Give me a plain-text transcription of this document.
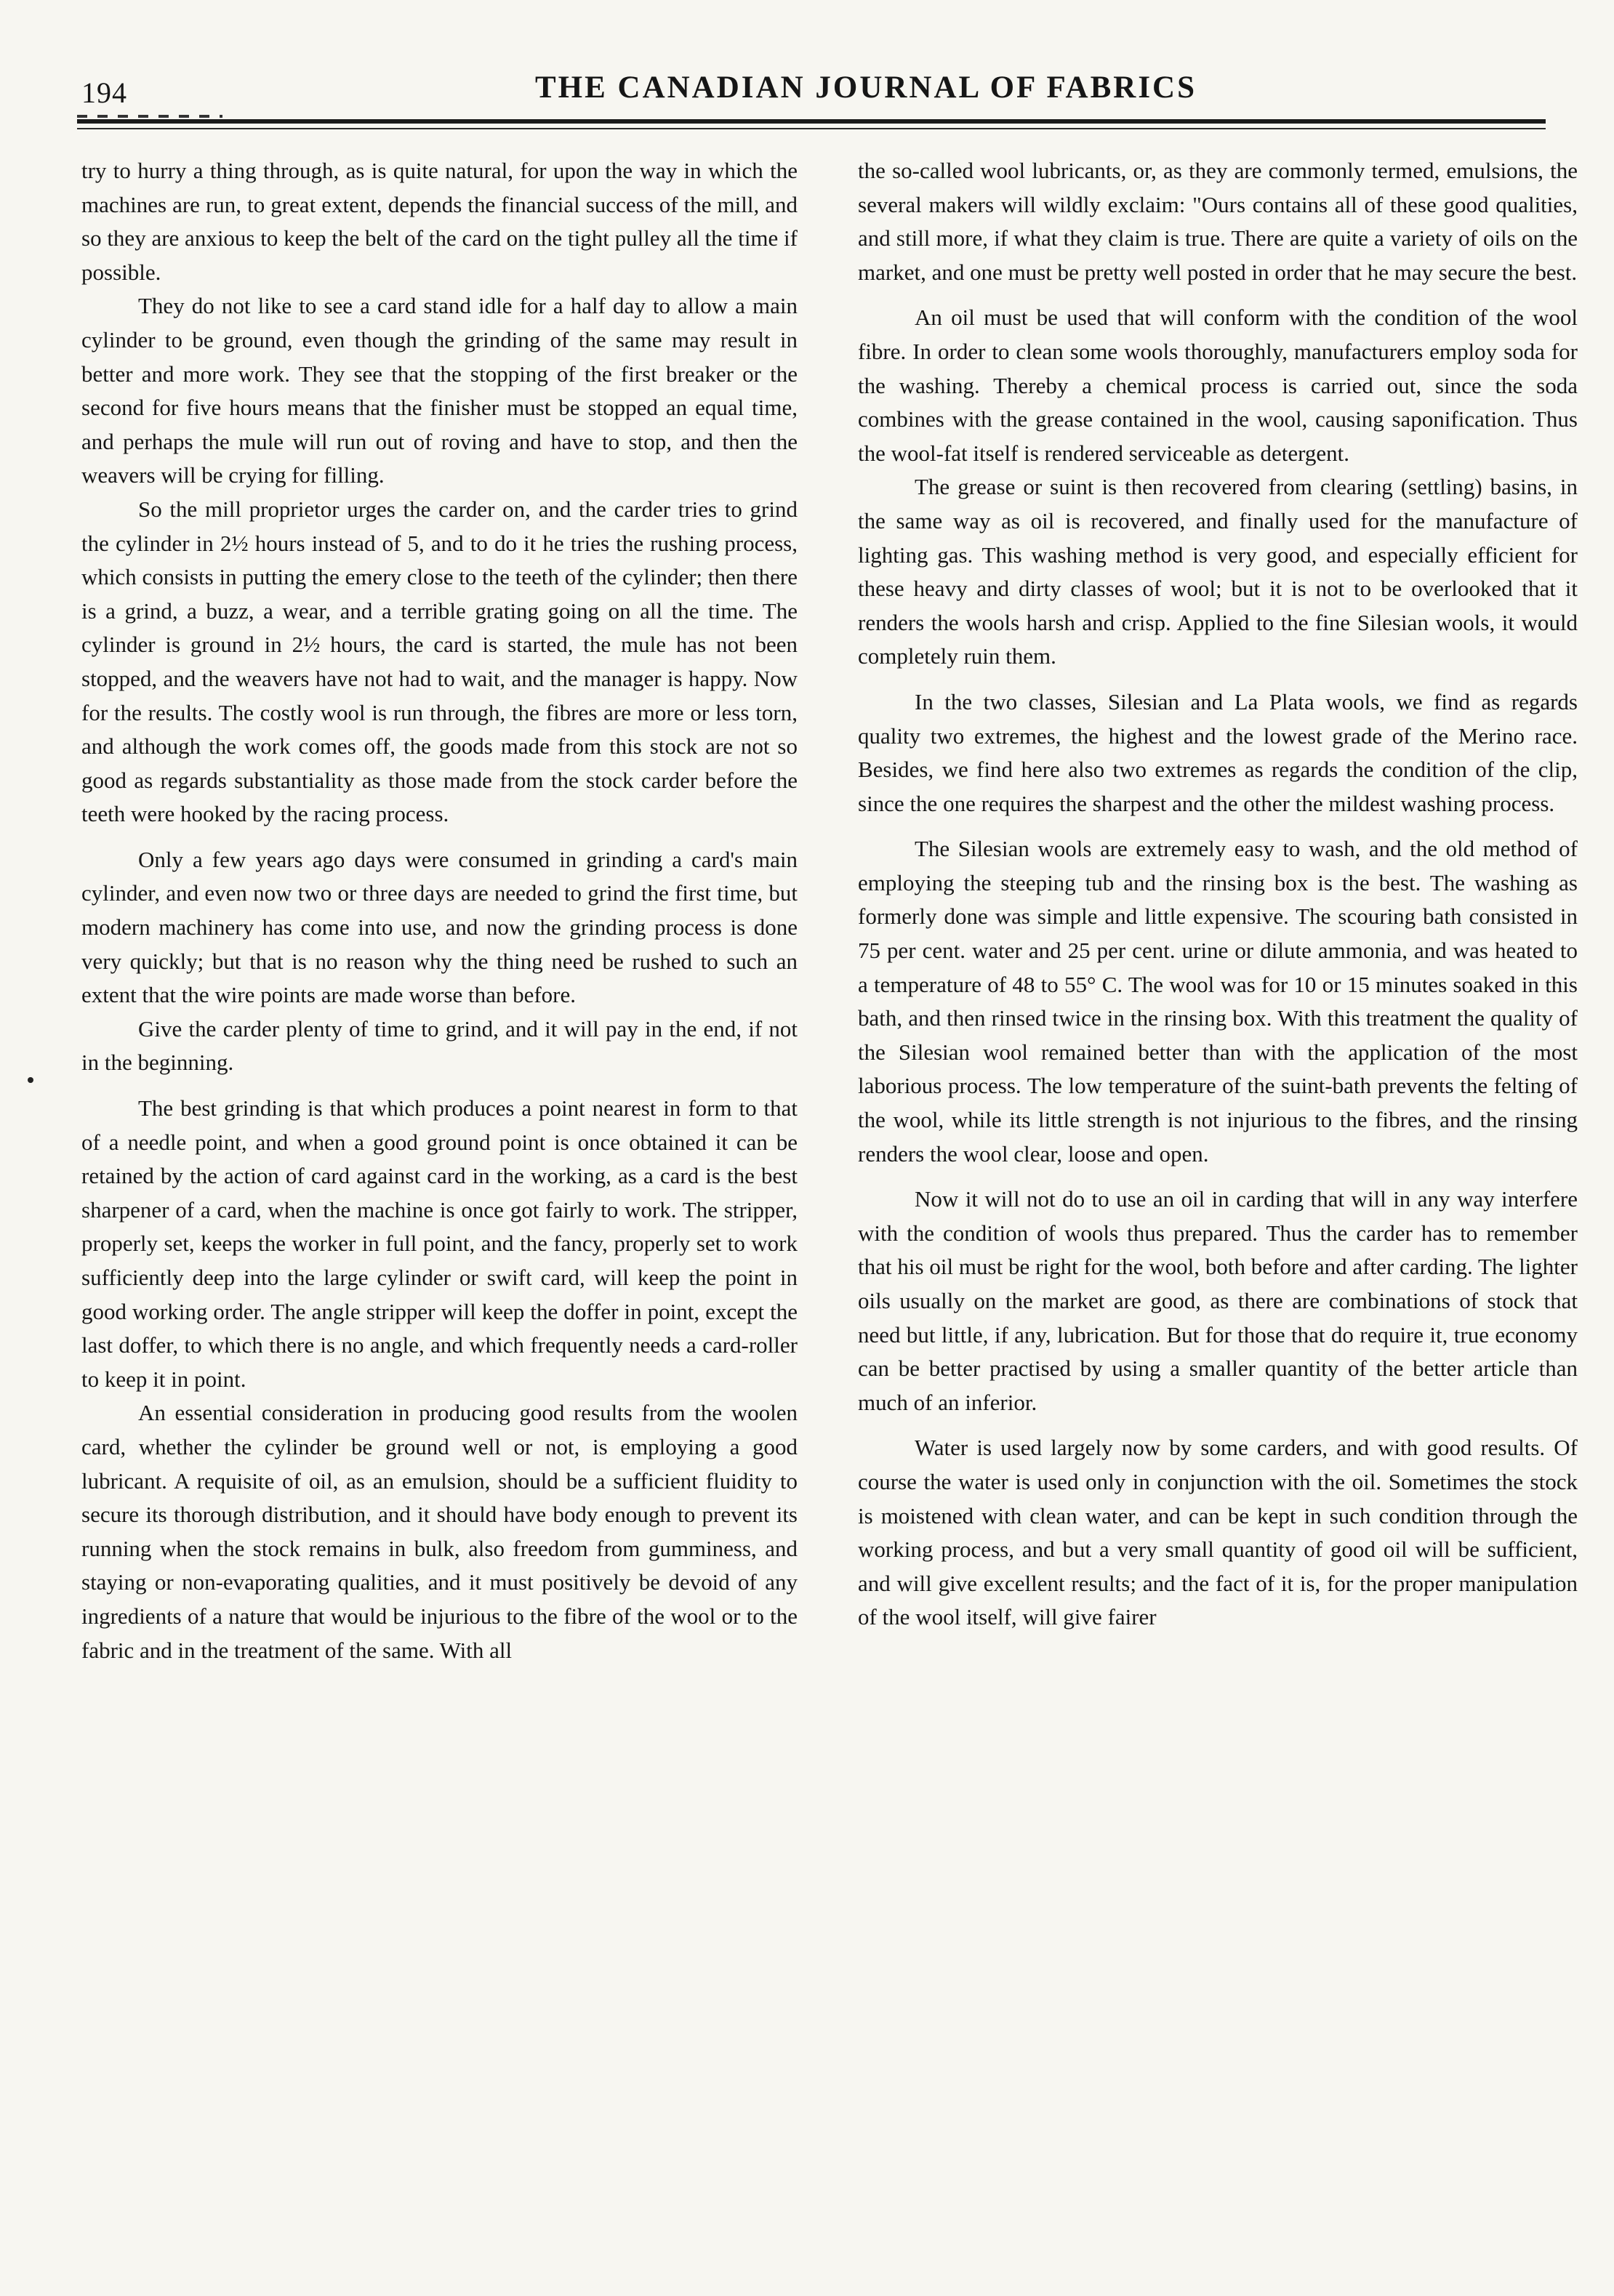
194	THE CANADIAN JOURNAL OF FABRICS

try to hurry a thing through, as is quite natural, for upon the way in which the machines are run, to great extent, depends the financial success of the mill, and so they are anxious to keep the belt of the card on the tight pulley all the time if possible.

They do not like to see a card stand idle for a half day to allow a main cylinder to be ground, even though the grinding of the same may result in better and more work. They see that the stopping of the first breaker or the second for five hours means that the finisher must be stopped an equal time, and perhaps the mule will run out of roving and have to stop, and then the weavers will be crying for filling.

So the mill proprietor urges the carder on, and the carder tries to grind the cylinder in 2½ hours instead of 5, and to do it he tries the rushing process, which consists in putting the emery close to the teeth of the cylinder; then there is a grind, a buzz, a wear, and a terrible grating going on all the time. The cylinder is ground in 2½ hours, the card is started, the mule has not been stopped, and the weavers have not had to wait, and the manager is happy. Now for the results. The costly wool is run through, the fibres are more or less torn, and although the work comes off, the goods made from this stock are not so good as regards substantiality as those made from the stock carder before the teeth were hooked by the racing process.

Only a few years ago days were consumed in grinding a card's main cylinder, and even now two or three days are needed to grind the first time, but modern machinery has come into use, and now the grinding process is done very quickly; but that is no reason why the thing need be rushed to such an extent that the wire points are made worse than before.

Give the carder plenty of time to grind, and it will pay in the end, if not in the beginning.

The best grinding is that which produces a point nearest in form to that of a needle point, and when a good ground point is once obtained it can be retained by the action of card against card in the working, as a card is the best sharpener of a card, when the machine is once got fairly to work. The stripper, properly set, keeps the worker in full point, and the fancy, properly set to work sufficiently deep into the large cylinder or swift card, will keep the point in good working order. The angle stripper will keep the doffer in point, except the last doffer, to which there is no angle, and which frequently needs a card-roller to keep it in point.

An essential consideration in producing good results from the woolen card, whether the cylinder be ground well or not, is employing a good lubricant. A requisite of oil, as an emulsion, should be a sufficient fluidity to secure its thorough distribution, and it should have body enough to prevent its running when the stock remains in bulk, also freedom from gumminess, and staying or non-evaporating qualities, and it must positively be devoid of any ingredients of a nature that would be injurious to the fibre of the wool or to the fabric and in the treatment of the same. With all

the so-called wool lubricants, or, as they are commonly termed, emulsions, the several makers will wildly exclaim: "Ours contains all of these good qualities, and still more, if what they claim is true. There are quite a variety of oils on the market, and one must be pretty well posted in order that he may secure the best.

An oil must be used that will conform with the condition of the wool fibre. In order to clean some wools thoroughly, manufacturers employ soda for the washing. Thereby a chemical process is carried out, since the soda combines with the grease contained in the wool, causing saponification. Thus the wool-fat itself is rendered serviceable as detergent.

The grease or suint is then recovered from clearing (settling) basins, in the same way as oil is recovered, and finally used for the manufacture of lighting gas. This washing method is very good, and especially efficient for these heavy and dirty classes of wool; but it is not to be overlooked that it renders the wools harsh and crisp. Applied to the fine Silesian wools, it would completely ruin them.

In the two classes, Silesian and La Plata wools, we find as regards quality two extremes, the highest and the lowest grade of the Merino race. Besides, we find here also two extremes as regards the condition of the clip, since the one requires the sharpest and the other the mildest washing process.

The Silesian wools are extremely easy to wash, and the old method of employing the steeping tub and the rinsing box is the best. The washing as formerly done was simple and little expensive. The scouring bath consisted in 75 per cent. water and 25 per cent. urine or dilute ammonia, and was heated to a temperature of 48 to 55° C. The wool was for 10 or 15 minutes soaked in this bath, and then rinsed twice in the rinsing box. With this treatment the quality of the Silesian wool remained better than with the application of the most laborious process. The low temperature of the suint-bath prevents the felting of the wool, while its little strength is not injurious to the fibres, and the rinsing renders the wool clear, loose and open.

Now it will not do to use an oil in carding that will in any way interfere with the condition of wools thus prepared. Thus the carder has to remember that his oil must be right for the wool, both before and after carding. The lighter oils usually on the market are good, as there are combinations of stock that need but little, if any, lubrication. But for those that do require it, true economy can be better practised by using a smaller quantity of the better article than much of an inferior.

Water is used largely now by some carders, and with good results. Of course the water is used only in conjunction with the oil. Sometimes the stock is moistened with clean water, and can be kept in such condition through the working process, and but a very small quantity of good oil will be sufficient, and will give excellent results; and the fact of it is, for the proper manipulation of the wool itself, will give fairer
